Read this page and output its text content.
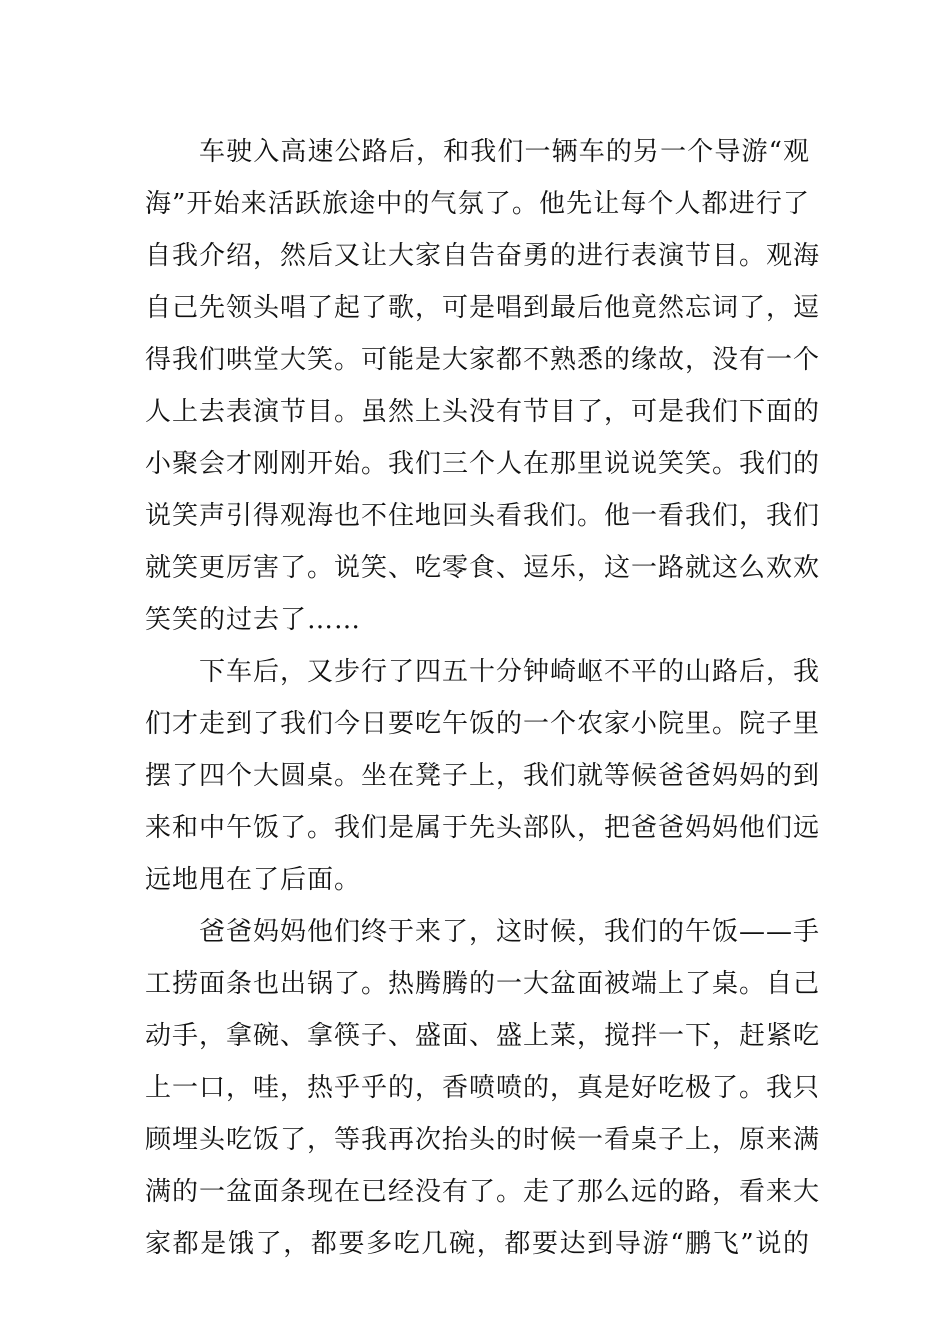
车驶入高速公路后，和我们一辆车的另一个导游“观
海”开始来活跃旅途中的气氛了。他先让每个人都进行了
自我介绍，然后又让大家自告奋勇的进行表演节目。观海
自己先领头唱了起了歌，可是唱到最后他竟然忘词了，逗
得我们哄堂大笑。可能是大家都不熟悉的缘故，没有一个
人上去表演节目。虽然上头没有节目了，可是我们下面的
小聚会才刚刚开始。我们三个人在那里说说笑笑。我们的
说笑声引得观海也不住地回头看我们。他一看我们，我们
就笑更厉害了。说笑、吃零食、逗乐，这一路就这么欢欢
笑笑的过去了……
下车后，又步行了四五十分钟崎岖不平的山路后，我
们才走到了我们今日要吃午饭的一个农家小院里。院子里
摆了四个大圆桌。坐在凳子上，我们就等候爸爸妈妈的到
来和中午饭了。我们是属于先头部队，把爸爸妈妈他们远
远地甩在了后面。
爸爸妈妈他们终于来了，这时候，我们的午饭——手
工捞面条也出锅了。热腾腾的一大盆面被端上了桌。自己
动手，拿碗、拿筷子、盛面、盛上菜，搅拌一下，赶紧吃
上一口，哇，热乎乎的，香喷喷的，真是好吃极了。我只
顾埋头吃饭了，等我再次抬头的时候一看桌子上，原来满
满的一盆面条现在已经没有了。走了那么远的路，看来大
家都是饿了，都要多吃几碗，都要达到导游“鹏飞”说的
